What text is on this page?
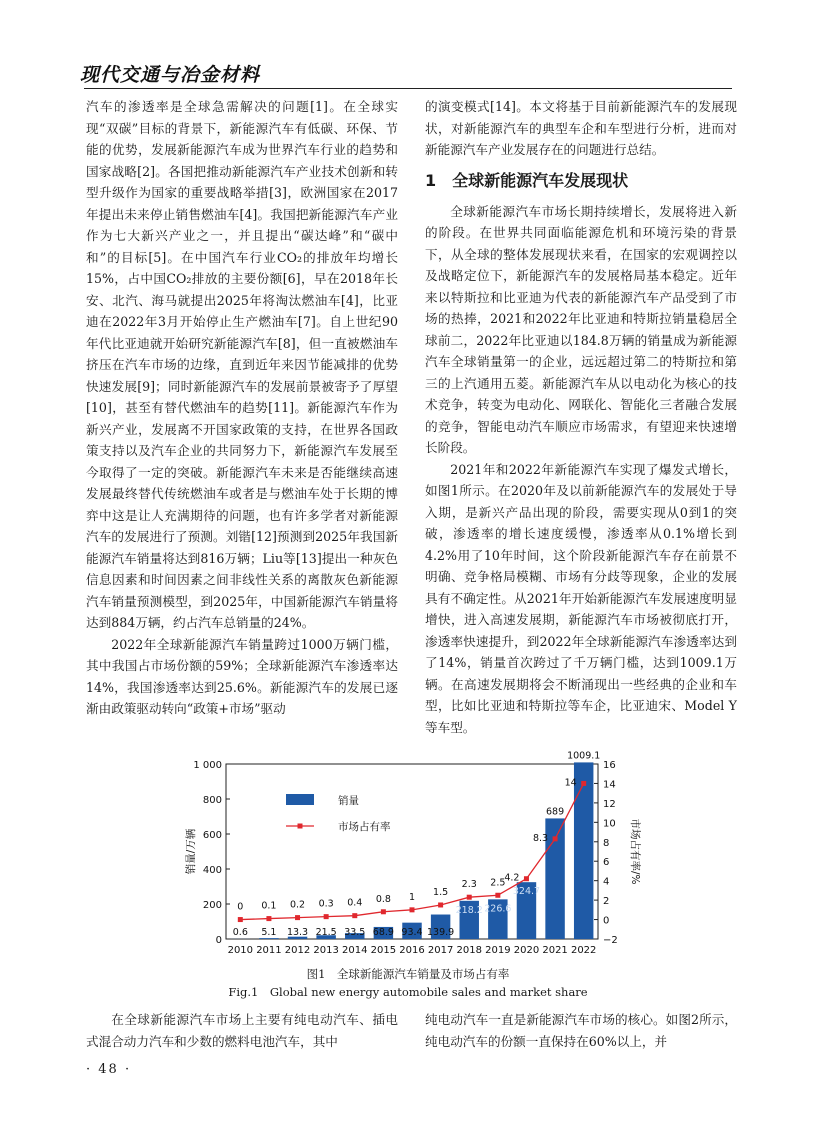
现代交通与冶金材料

汽车的渗透率是全球急需解决的问题[1]。在全球实现“双碳”目标的背景下，新能源汽车有低碳、环保、节能的优势，发展新能源汽车成为世界汽车行业的趋势和国家战略[2]。各国把推动新能源汽车产业技术创新和转型升级作为国家的重要战略举措[3]，欧洲国家在2017年提出未来停止销售燃油车[4]。我国把新能源汽车产业作为七大新兴产业之一，并且提出“碳达峰”和“碳中和”的目标[5]。在中国汽车行业CO₂的排放年均增长15%，占中国CO₂排放的主要份额[6]，早在2018年长安、北汽、海马就提出2025年将淘汰燃油车[4]，比亚迪在2022年3月开始停止生产燃油车[7]。自上世纪90年代比亚迪就开始研究新能源汽车[8]，但一直被燃油车挤压在汽车市场的边缘，直到近年来因节能减排的优势快速发展[9]；同时新能源汽车的发展前景被寄予了厚望[10]，甚至有替代燃油车的趋势[11]。新能源汽车作为新兴产业，发展离不开国家政策的支持，在世界各国政策支持以及汽车企业的共同努力下，新能源汽车发展至今取得了一定的突破。新能源汽车未来是否能继续高速发展最终替代传统燃油车或者是与燃油车处于长期的博弈中这是让人充满期待的问题，也有许多学者对新能源汽车的发展进行了预测。刘锴[12]预测到2025年我国新能源汽车销量将达到816万辆；Liu等[13]提出一种灰色信息因素和时间因素之间非线性关系的离散灰色新能源汽车销量预测模型，到2025年，中国新能源汽车销量将达到884万辆，约占汽车总销量的24%。

2022年全球新能源汽车销量跨过1000万辆门槛，其中我国占市场份额的59%；全球新能源汽车渗透率达14%，我国渗透率达到25.6%。新能源汽车的发展已逐渐由政策驱动转向“政策+市场”驱动

的演变模式[14]。本文将基于目前新能源汽车的发展现状，对新能源汽车的典型车企和车型进行分析，进而对新能源汽车产业发展存在的问题进行总结。

1 全球新能源汽车发展现状

全球新能源汽车市场长期持续增长，发展将进入新的阶段。在世界共同面临能源危机和环境污染的背景下，从全球的整体发展现状来看，在国家的宏观调控以及战略定位下，新能源汽车的发展格局基本稳定。近年来以特斯拉和比亚迪为代表的新能源汽车产品受到了市场的热捧，2021和2022年比亚迪和特斯拉销量稳居全球前二，2022年比亚迪以184.8万辆的销量成为新能源汽车全球销量第一的企业，远远超过第二的特斯拉和第三的上汽通用五菱。新能源汽车从以电动化为核心的技术竞争，转变为电动化、网联化、智能化三者融合发展的竞争，智能电动汽车顺应市场需求，有望迎来快速增长阶段。

2021年和2022年新能源汽车实现了爆发式增长，如图1所示。在2020年及以前新能源汽车的发展处于导入期，是新兴产品出现的阶段，需要实现从0到1的突破，渗透率的增长速度缓慢，渗透率从0.1%增长到4.2%用了10年时间，这个阶段新能源汽车存在前景不明确、竞争格局模糊、市场有分歧等现象，企业的发展具有不确定性。从2021年开始新能源汽车发展速度明显增快，进入高速发展期，新能源汽车市场被彻底打开，渗透率快速提升，到2022年全球新能源汽车渗透率达到了14%，销量首次跨过了千万辆门槛，达到1009.1万辆。在高速发展期将会不断涌现出一些经典的企业和车型，比如比亚迪和特斯拉等车企，比亚迪宋、Model Y等车型。

0
200
400
600
800
1 000
−2
0
2
4
6
8
10
12
14
16
销量/万辆	市场占有率/%
2010 2011 2012 2013 2014 2015 2016 2017 2018 2019 2020 2021 2022
0.6 5.1 13.3 21.5 33.5 68.9 93.4 139.9
218.2 226.6
324.7
689
1009.1
0 0.1 0.2 0.3 0.4 0.8 1 1.5
2.3 2.5
4.2
8.3
14
销量
市场占有率
图1　全球新能源汽车销量及市场占有率
Fig.1　Global new energy automobile sales and market share

在全球新能源汽车市场上主要有纯电动汽车、插电式混合动力汽车和少数的燃料电池汽车，其中

纯电动汽车一直是新能源汽车市场的核心。如图2所示，纯电动汽车的份额一直保持在60%以上，并

· 48 ·
